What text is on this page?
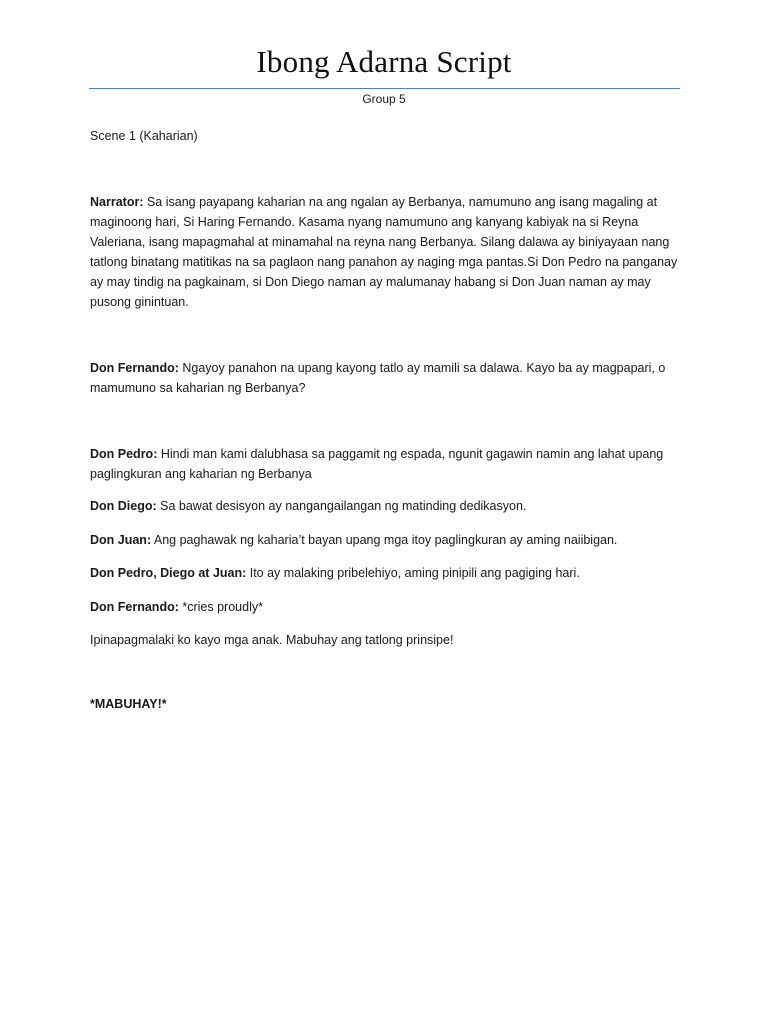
Ibong Adarna Script
Group 5
Scene 1 (Kaharian)
Narrator: Sa isang payapang kaharian na ang ngalan ay Berbanya, namumuno ang isang magaling at maginoong hari, Si Haring Fernando. Kasama nyang namumuno ang kanyang kabiyak na si Reyna Valeriana, isang mapagmahal at minamahal na reyna nang Berbanya. Silang dalawa ay biniyayaan nang tatlong binatang matitikas na sa paglaon nang panahon ay naging mga pantas.Si Don Pedro na panganay ay may tindig na pagkainam, si Don Diego naman ay malumanay habang si Don Juan naman ay may pusong ginintuan.
Don Fernando: Ngayoy panahon na upang kayong tatlo ay mamili sa dalawa. Kayo ba ay magpapari, o mamumuno sa kaharian ng Berbanya?
Don Pedro: Hindi man kami dalubhasa sa paggamit ng espada, ngunit gagawin namin ang lahat upang paglingkuran ang kaharian ng Berbanya
Don Diego: Sa bawat desisyon ay nangangailangan ng matinding dedikasyon.
Don Juan: Ang paghawak ng kaharia’t bayan upang mga itoy paglingkuran ay aming naiibigan.
Don Pedro, Diego at Juan: Ito ay malaking pribelehiyo, aming pinipili ang pagiging hari.
Don Fernando: *cries proudly*
Ipinapagmalaki ko kayo mga anak. Mabuhay ang tatlong prinsipe!
*MABUHAY!*
